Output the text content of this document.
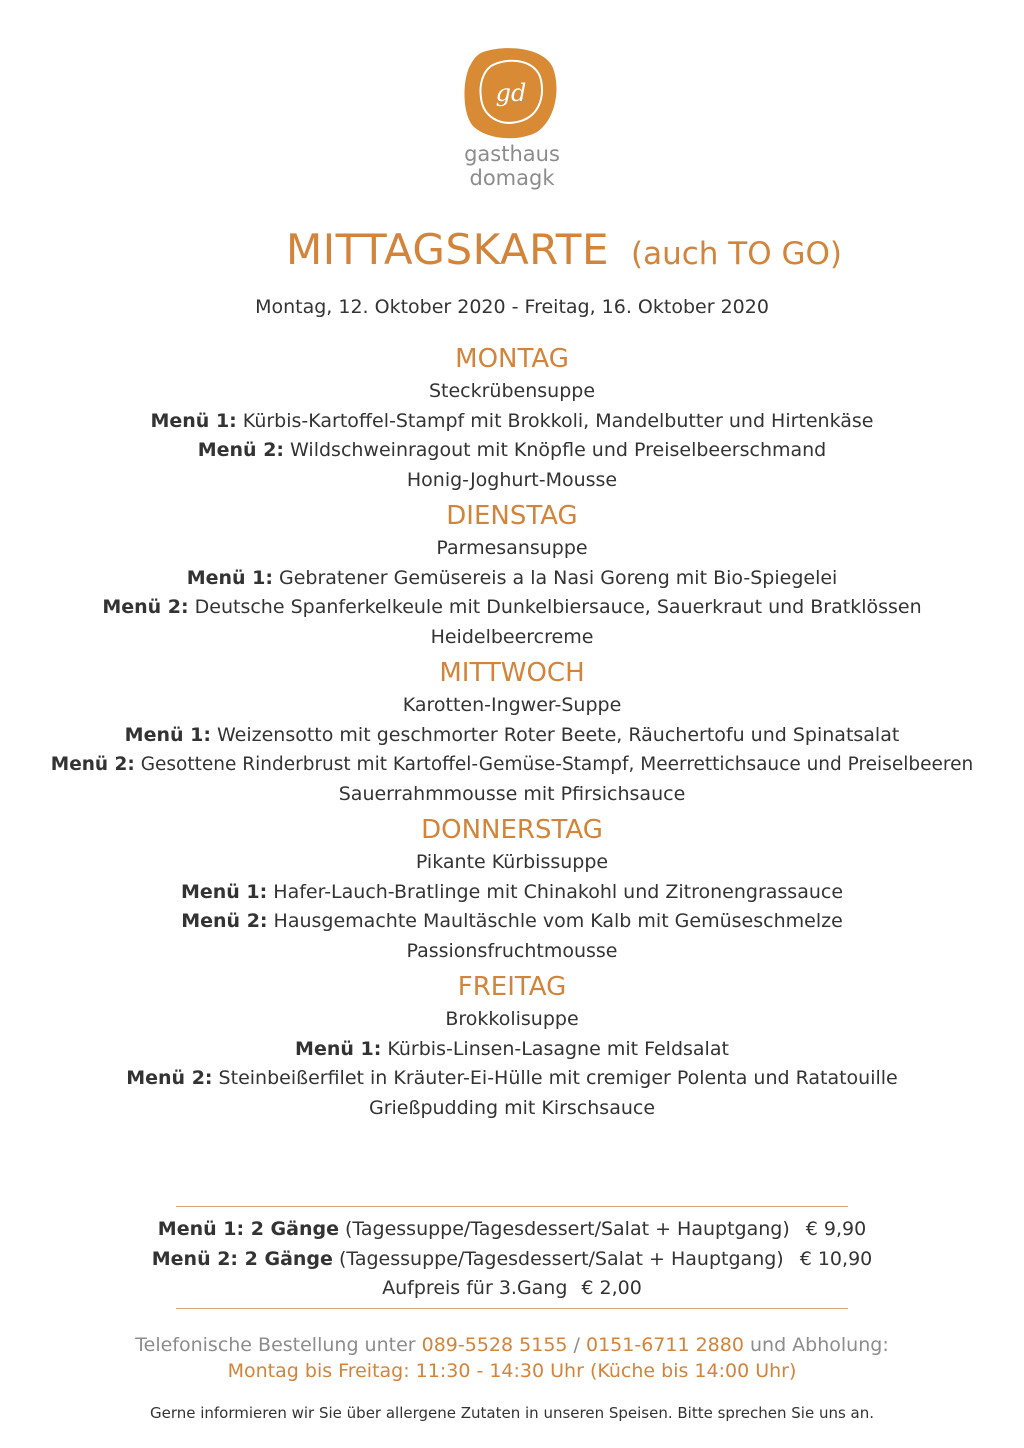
gd
gasthaus
domagk
MITTAGSKARTE (auch TO GO)
Montag, 12. Oktober 2020 - Freitag, 16. Oktober 2020
MONTAG
Steckrübensuppe
Menü 1: Kürbis-Kartoffel-Stampf mit Brokkoli, Mandelbutter und Hirtenkäse
Menü 2: Wildschweinragout mit Knöpfle und Preiselbeerschmand
Honig-Joghurt-Mousse
DIENSTAG
Parmesansuppe
Menü 1: Gebratener Gemüsereis a la Nasi Goreng mit Bio-Spiegelei
Menü 2: Deutsche Spanferkelkeule mit Dunkelbiersauce, Sauerkraut und Bratklössen
Heidelbeercreme
MITTWOCH
Karotten-Ingwer-Suppe
Menü 1: Weizensotto mit geschmorter Roter Beete, Räuchertofu und Spinatsalat
Menü 2: Gesottene Rinderbrust mit Kartoffel-Gemüse-Stampf, Meerrettichsauce und Preiselbeeren
Sauerrahmmousse mit Pfirsichsauce
DONNERSTAG
Pikante Kürbissuppe
Menü 1: Hafer-Lauch-Bratlinge mit Chinakohl und Zitronengrassauce
Menü 2: Hausgemachte Maultäschle vom Kalb mit Gemüseschmelze
Passionsfruchtmousse
FREITAG
Brokkolisuppe
Menü 1: Kürbis-Linsen-Lasagne mit Feldsalat
Menü 2: Steinbeißerfilet in Kräuter-Ei-Hülle mit cremiger Polenta und Ratatouille
Grießpudding mit Kirschsauce
Menü 1: 2 Gänge (Tagessuppe/Tagesdessert/Salat + Hauptgang) € 9,90
Menü 2: 2 Gänge (Tagessuppe/Tagesdessert/Salat + Hauptgang) € 10,90
Aufpreis für 3.Gang € 2,00
Telefonische Bestellung unter 089-5528 5155 / 0151-6711 2880 und Abholung:
Montag bis Freitag: 11:30 - 14:30 Uhr (Küche bis 14:00 Uhr)
Gerne informieren wir Sie über allergene Zutaten in unseren Speisen. Bitte sprechen Sie uns an.
